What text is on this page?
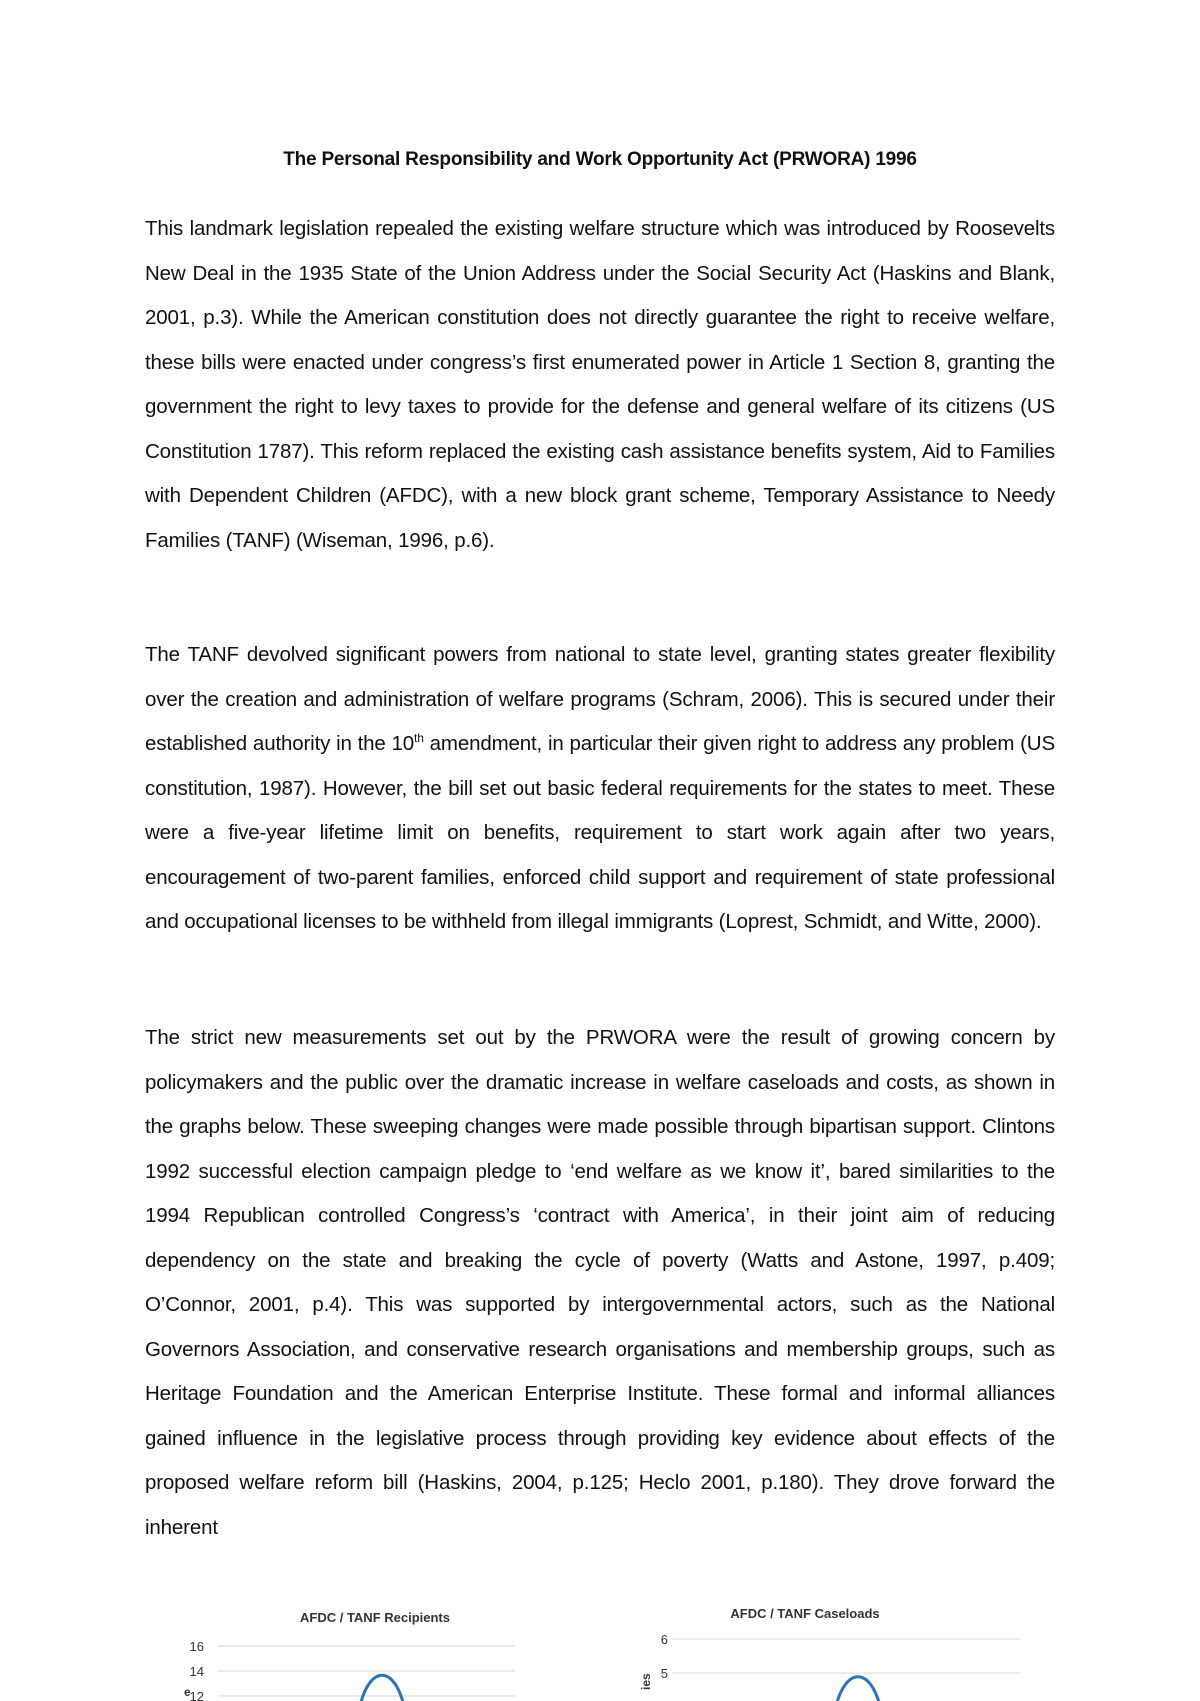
The Personal Responsibility and Work Opportunity Act (PRWORA) 1996

This landmark legislation repealed the existing welfare structure which was introduced by Roosevelts New Deal in the 1935 State of the Union Address under the Social Security Act (Haskins and Blank, 2001, p.3). While the American constitution does not directly guarantee the right to receive welfare, these bills were enacted under congress’s first enumerated power in Article 1 Section 8, granting the government the right to levy taxes to provide for the defense and general welfare of its citizens (US Constitution 1787). This reform replaced the existing cash assistance benefits system, Aid to Families with Dependent Children (AFDC), with a new block grant scheme, Temporary Assistance to Needy Families (TANF) (Wiseman, 1996, p.6).

The TANF devolved significant powers from national to state level, granting states greater flexibility over the creation and administration of welfare programs (Schram, 2006). This is secured under their established authority in the 10th amendment, in particular their given right to address any problem (US constitution, 1987). However, the bill set out basic federal requirements for the states to meet. These were a five-year lifetime limit on benefits, requirement to start work again after two years, encouragement of two-parent families, enforced child support and requirement of state professional and occupational licenses to be withheld from illegal immigrants (Loprest, Schmidt, and Witte, 2000).

The strict new measurements set out by the PRWORA were the result of growing concern by policymakers and the public over the dramatic increase in welfare caseloads and costs, as shown in the graphs below. These sweeping changes were made possible through bipartisan support. Clintons 1992 successful election campaign pledge to ‘end welfare as we know it’, bared similarities to the 1994 Republican controlled Congress’s ‘contract with America’, in their joint aim of reducing dependency on the state and breaking the cycle of poverty (Watts and Astone, 1997, p.409; O’Connor, 2001, p.4). This was supported by intergovernmental actors, such as the National Governors Association, and conservative research organisations and membership groups, such as Heritage Foundation and the American Enterprise Institute. These formal and informal alliances gained influence in the legislative process through providing key evidence about effects of the proposed welfare reform bill (Haskins, 2004, p.125; Heclo 2001, p.180). They drove forward the inherent

AFDC / TANF Recipients
16
14
12
e
AFDC / TANF Caseloads
6
5
ies
